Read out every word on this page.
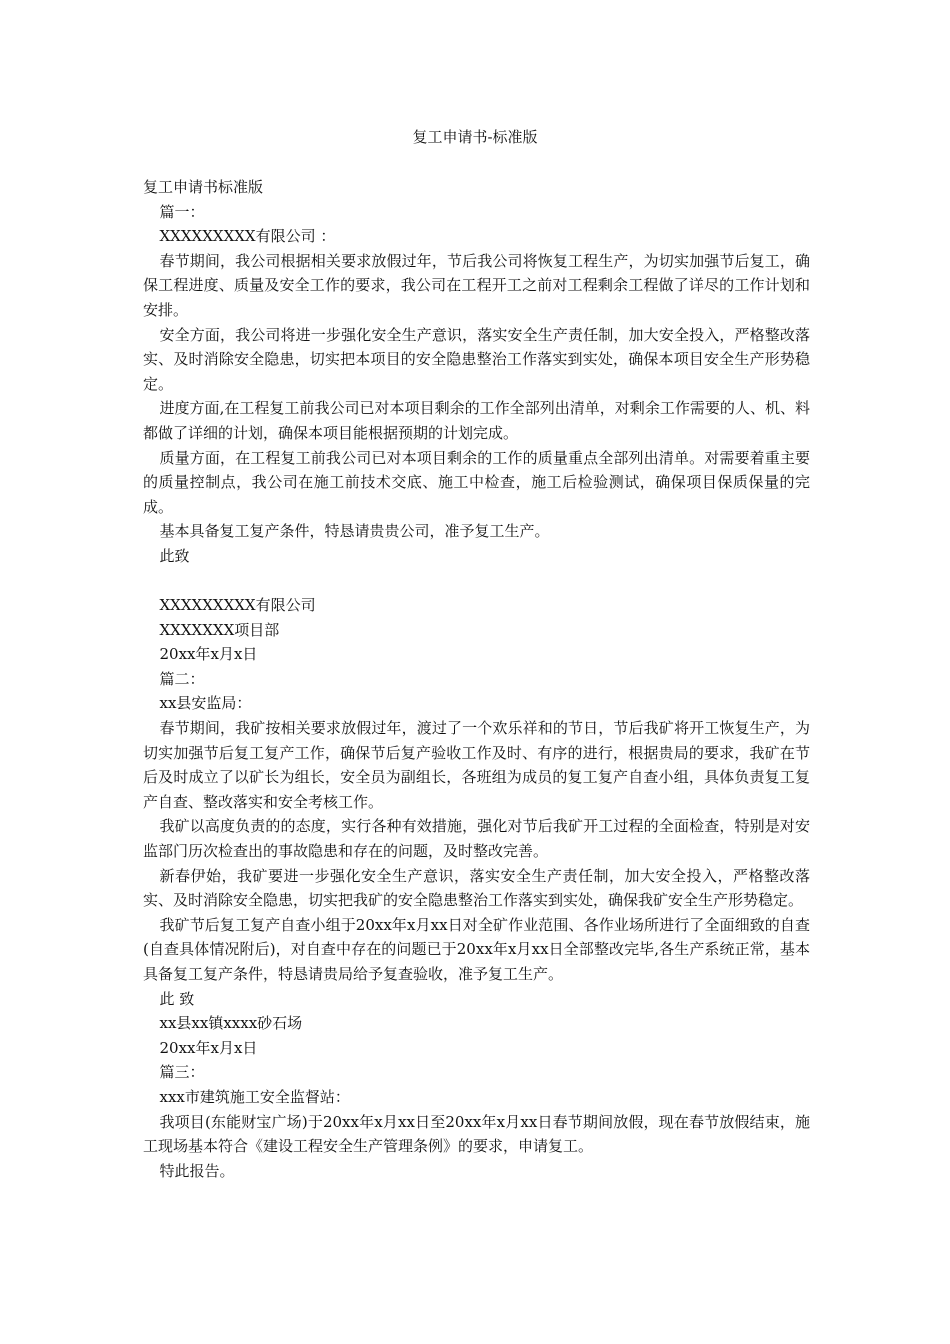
复工申请书-标准版

复工申请书标准版

篇一：

XXXXXXXXX有限公司 ：

春节期间，我公司根据相关要求放假过年，节后我公司将恢复工程生产，为切实加强节后复工，确保工程进度、质量及安全工作的要求，我公司在工程开工之前对工程剩余工程做了详尽的工作计划和安排。

安全方面，我公司将进一步强化安全生产意识，落实安全生产责任制，加大安全投入，严格整改落实、及时消除安全隐患，切实把本项目的安全隐患整治工作落实到实处，确保本项目安全生产形势稳定。

进度方面,在工程复工前我公司已对本项目剩余的工作全部列出清单，对剩余工作需要的人、机、料都做了详细的计划，确保本项目能根据预期的计划完成。

质量方面，在工程复工前我公司已对本项目剩余的工作的质量重点全部列出清单。对需要着重主要的质量控制点，我公司在施工前技术交底、施工中检查，施工后检验测试，确保项目保质保量的完成。

基本具备复工复产条件，特恳请贵贵公司，准予复工生产。

此致

XXXXXXXXX有限公司

XXXXXXX项目部

20xx年x月x日

篇二：

xx县安监局：

春节期间，我矿按相关要求放假过年，渡过了一个欢乐祥和的节日，节后我矿将开工恢复生产，为切实加强节后复工复产工作，确保节后复产验收工作及时、有序的进行，根据贵局的要求，我矿在节后及时成立了以矿长为组长，安全员为副组长，各班组为成员的复工复产自查小组，具体负责复工复产自查、整改落实和安全考核工作。

我矿以高度负责的的态度，实行各种有效措施，强化对节后我矿开工过程的全面检查，特别是对安监部门历次检查出的事故隐患和存在的问题，及时整改完善。

新春伊始，我矿要进一步强化安全生产意识，落实安全生产责任制，加大安全投入，严格整改落实、及时消除安全隐患，切实把我矿的安全隐患整治工作落实到实处，确保我矿安全生产形势稳定。

我矿节后复工复产自查小组于20xx年x月xx日对全矿作业范围、各作业场所进行了全面细致的自查(自查具体情况附后)，对自查中存在的问题已于20xx年x月xx日全部整改完毕,各生产系统正常，基本具备复工复产条件，特恳请贵局给予复查验收，准予复工生产。

此 致

xx县xx镇xxxx砂石场

20xx年x月x日

篇三：

xxx市建筑施工安全监督站：

我项目(东能财宝广场)于20xx年x月xx日至20xx年x月xx日春节期间放假，现在春节放假结束，施工现场基本符合《建设工程安全生产管理条例》的要求，申请复工。

特此报告。
